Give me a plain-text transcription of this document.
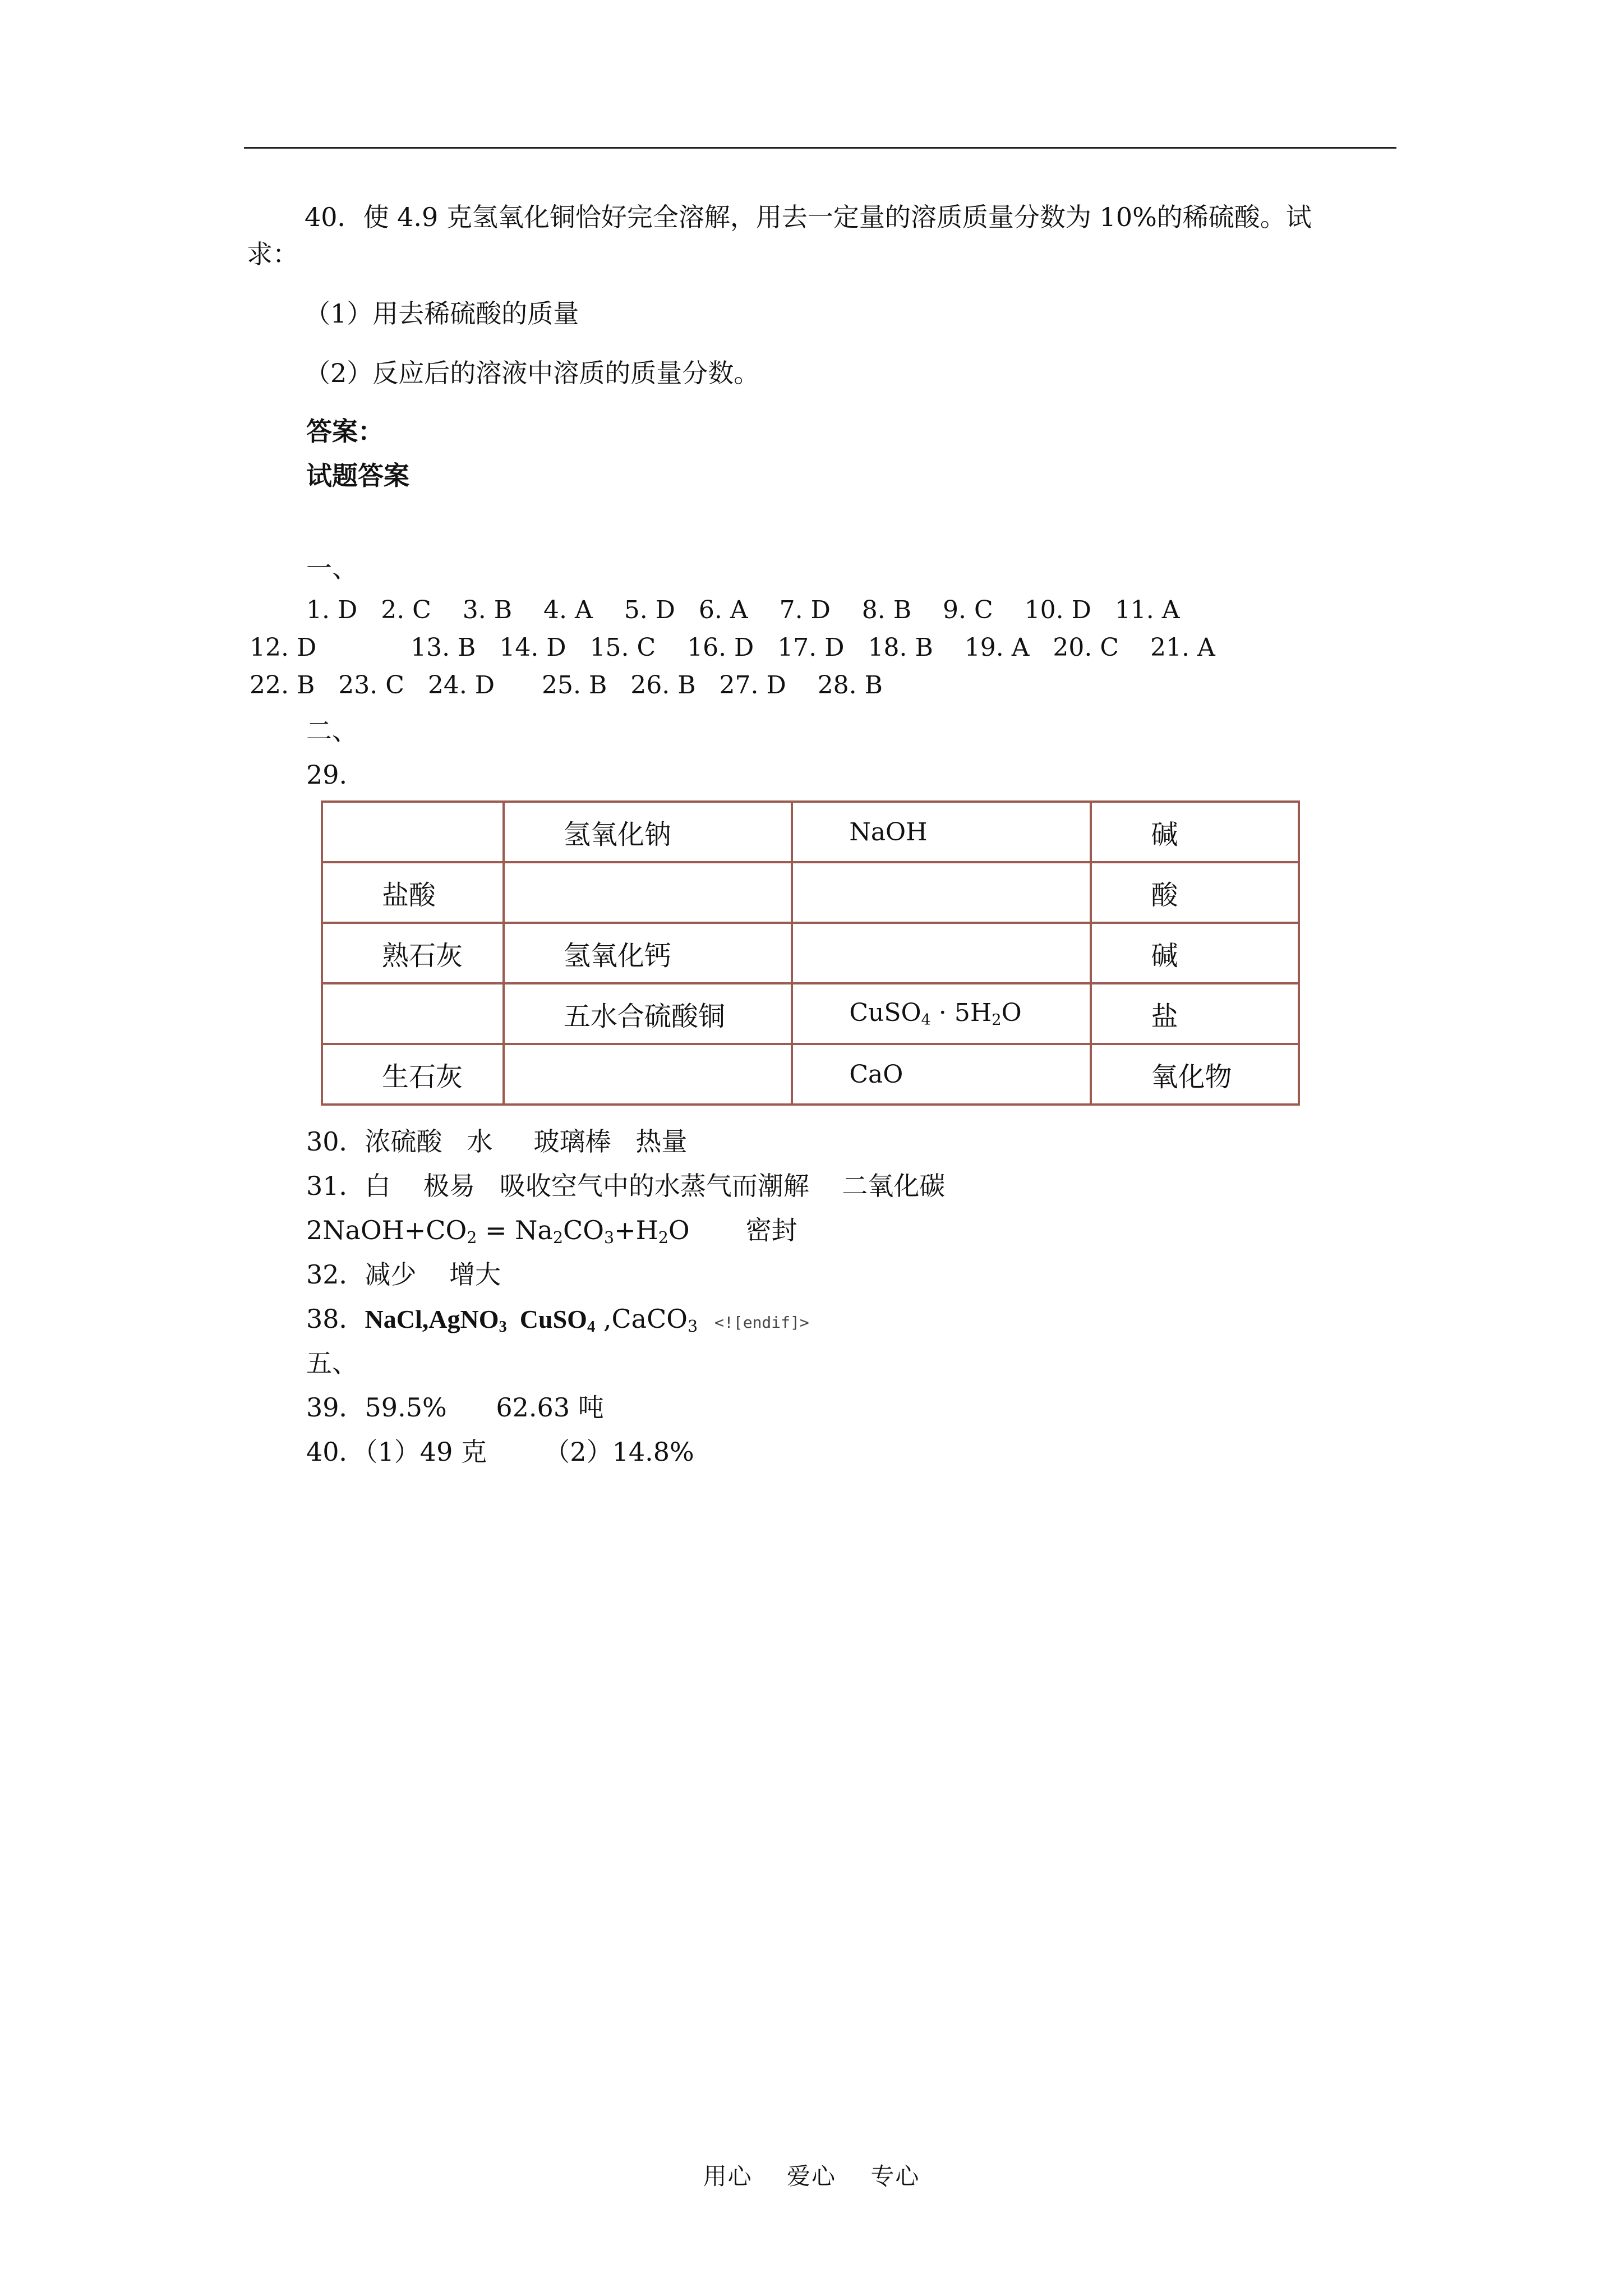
40．使 4.9 克氢氧化铜恰好完全溶解，用去一定量的溶质质量分数为 10%的稀硫酸。试
求：
（1）用去稀硫酸的质量
（2）反应后的溶液中溶质的质量分数。
答案：
试题答案
一、
1. D   2. C    3. B    4. A    5. D   6. A    7. D    8. B    9. C    10. D   11. A
12. D            13. B   14. D   15. C    16. D   17. D   18. B    19. A   20. C    21. A
22. B   23. C   24. D      25. B   26. B   27. D    28. B
二、
29.
	氢氧化钠	NaOH	碱
盐酸			酸
熟石灰	氢氧化钙		碱
	五水合硫酸铜	CuSO$_4$ · $5H_2O$	盐
生石灰		CaO	氧化物
30．浓硫酸   水     玻璃棒   热量
31．白    极易   吸收空气中的水蒸气而潮解    二氧化碳
$2NaOH+CO_2 = Na_2CO_3+H_2O$ 密封
32．减少    增大
38．NaCl,AgNO$_3$  CuSO$_4$ ,CaCO$_3$ <![endif]>
五、
39．59.5%      62.63 吨
40．（1）49 克       （2）14.8%
用心    爱心    专心
